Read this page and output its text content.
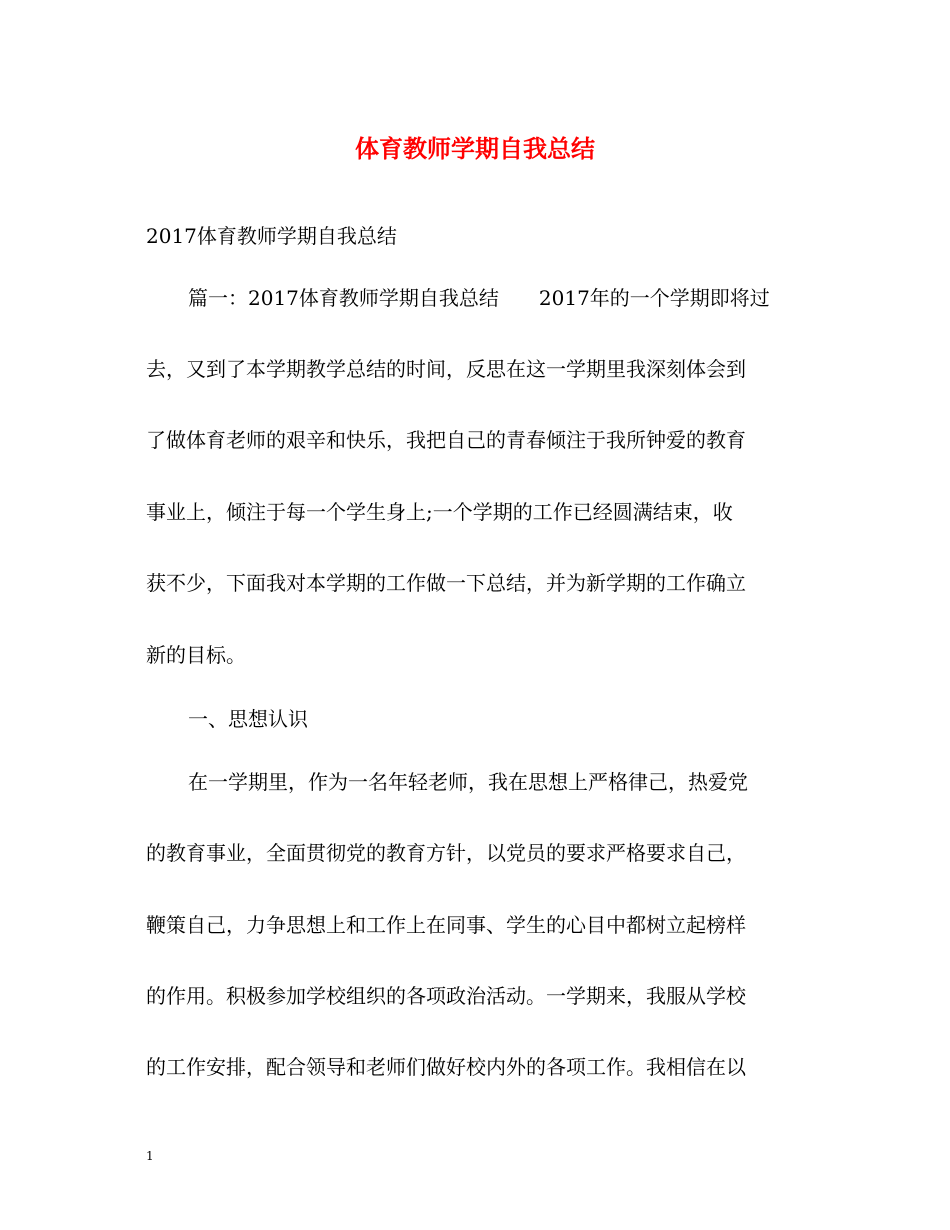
体育教师学期自我总结
2017体育教师学期自我总结
篇一：2017体育教师学期自我总结　　2017年的一个学期即将过
去，又到了本学期教学总结的时间，反思在这一学期里我深刻体会到
了做体育老师的艰辛和快乐，我把自己的青春倾注于我所钟爱的教育
事业上，倾注于每一个学生身上;一个学期的工作已经圆满结束，收
获不少，下面我对本学期的工作做一下总结，并为新学期的工作确立
新的目标。
一、思想认识
在一学期里，作为一名年轻老师，我在思想上严格律己，热爱党
的教育事业，全面贯彻党的教育方针，以党员的要求严格要求自己，
鞭策自己，力争思想上和工作上在同事、学生的心目中都树立起榜样
的作用。积极参加学校组织的各项政治活动。一学期来，我服从学校
的工作安排，配合领导和老师们做好校内外的各项工作。我相信在以
1
